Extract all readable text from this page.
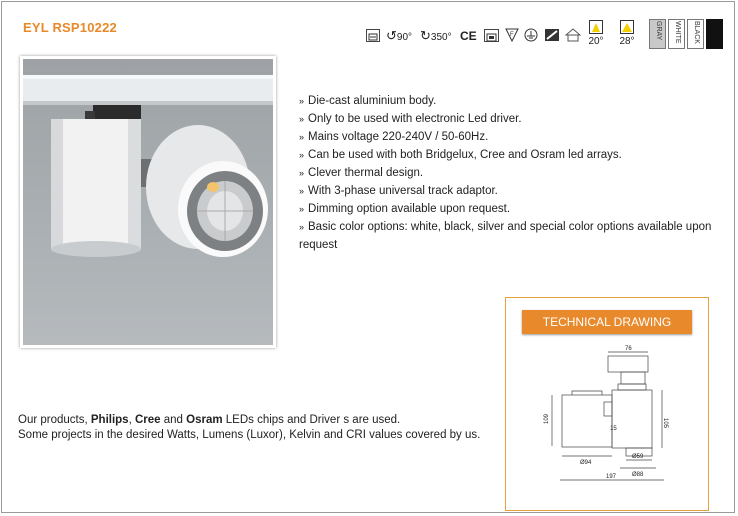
EYL RSP10222
↺90° ↻350° CE	F
20° 28°
GRAY WHITE BLACK
» Die-cast aluminium body.
» Only to be used with electronic Led driver.
» Mains voltage 220-240V / 50-60Hz.
» Can be used with both Bridgelux, Cree and Osram led arrays.
» Clever thermal design.
» With 3-phase universal track adaptor.
» Dimming option available upon request.
» Basic color options: white, black, silver and special color options available upon request
TECHNICAL DRAWING
76
109	105
15
Ø59
Ø94
Ø88
197
Our products, Philips, Cree and Osram LEDs chips and Driver s are used.
Some projects in the desired Watts, Lumens (Luxor), Kelvin and CRI values covered by us.
